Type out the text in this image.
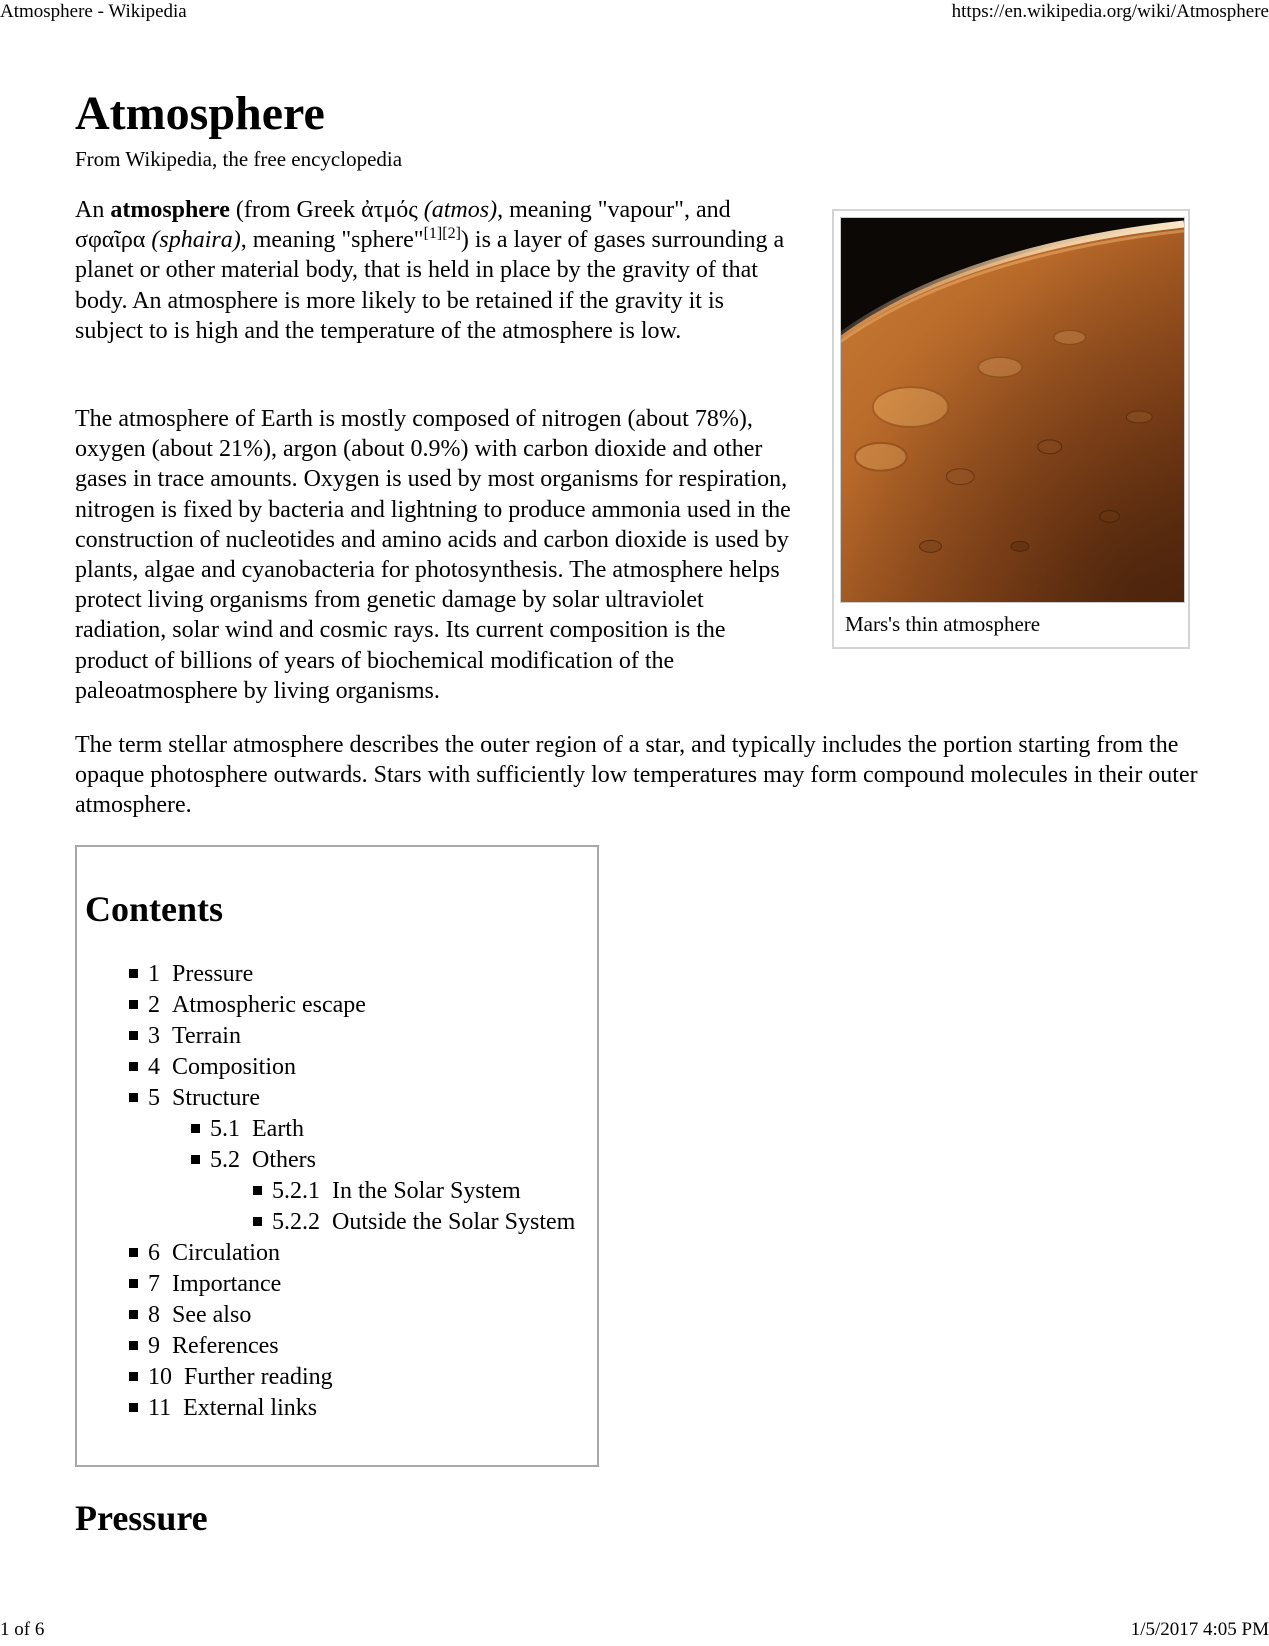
Atmosphere - Wikipedia	https://en.wikipedia.org/wiki/Atmosphere
Atmosphere
From Wikipedia, the free encyclopedia

An atmosphere (from Greek ἀτμός (atmos), meaning "vapour", and σφαῖρα (sphaira), meaning "sphere"[1][2]) is a layer of gases surrounding a planet or other material body, that is held in place by the gravity of that body. An atmosphere is more likely to be retained if the gravity it is subject to is high and the temperature of the atmosphere is low.

The atmosphere of Earth is mostly composed of nitrogen (about 78%), oxygen (about 21%), argon (about 0.9%) with carbon dioxide and other gases in trace amounts. Oxygen is used by most organisms for respiration, nitrogen is fixed by bacteria and lightning to produce ammonia used in the construction of nucleotides and amino acids and carbon dioxide is used by plants, algae and cyanobacteria for photosynthesis. The atmosphere helps protect living organisms from genetic damage by solar ultraviolet radiation, solar wind and cosmic rays. Its current composition is the product of billions of years of biochemical modification of the paleoatmosphere by living organisms.

Mars's thin atmosphere

The term stellar atmosphere describes the outer region of a star, and typically includes the portion starting from the opaque photosphere outwards. Stars with sufficiently low temperatures may form compound molecules in their outer atmosphere.

Contents
1 Pressure
2 Atmospheric escape
3 Terrain
4 Composition
5 Structure
5.1 Earth
5.2 Others
5.2.1 In the Solar System
5.2.2 Outside the Solar System
6 Circulation
7 Importance
8 See also
9 References
10 Further reading
11 External links
Pressure
1 of 6	1/5/2017 4:05 PM
